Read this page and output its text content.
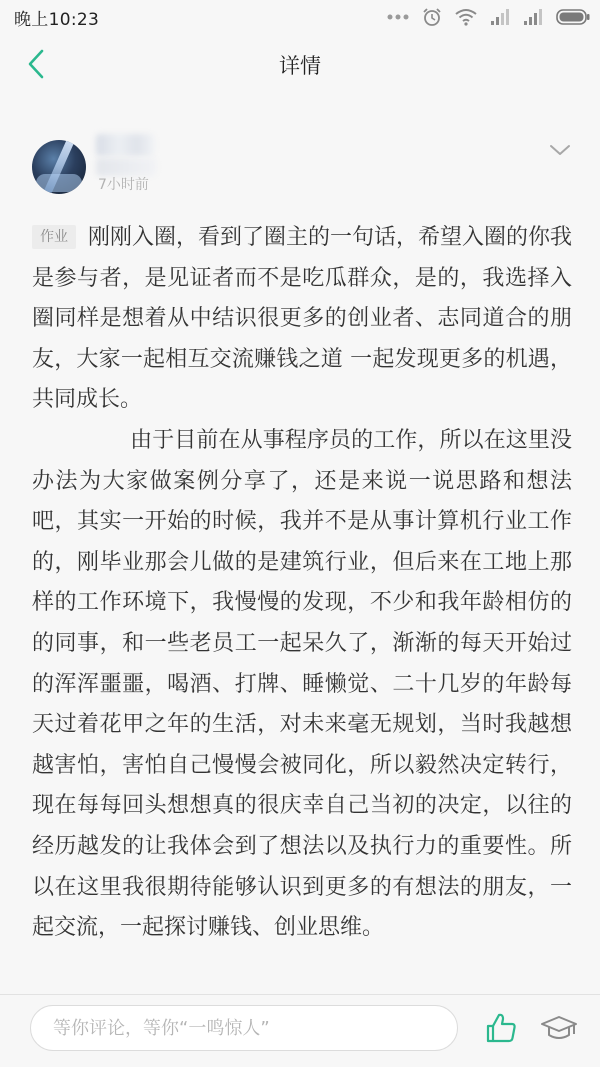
晚上10:23
详情
7小时前

作业 刚刚入圈，看到了圈主的一句话，希望入圈的你我是参与者，是见证者而不是吃瓜群众，是的，我选择入圈同样是想着从中结识很更多的创业者、志同道合的朋友，大家一起相互交流赚钱之道 一起发现更多的机遇，共同成长。

由于目前在从事程序员的工作，所以在这里没办法为大家做案例分享了，还是来说一说思路和想法吧，其实一开始的时候，我并不是从事计算机行业工作的，刚毕业那会儿做的是建筑行业，但后来在工地上那样的工作环境下，我慢慢的发现，不少和我年龄相仿的的同事，和一些老员工一起呆久了，渐渐的每天开始过的浑浑噩噩，喝酒、打牌、睡懒觉、二十几岁的年龄每天过着花甲之年的生活，对未来毫无规划，当时我越想越害怕，害怕自己慢慢会被同化，所以毅然决定转行，现在每每回头想想真的很庆幸自己当初的决定，以往的经历越发的让我体会到了想法以及执行力的重要性。所以在这里我很期待能够认识到更多的有想法的朋友，一起交流，一起探讨赚钱、创业思维。

等你评论，等你“一鸣惊人”
